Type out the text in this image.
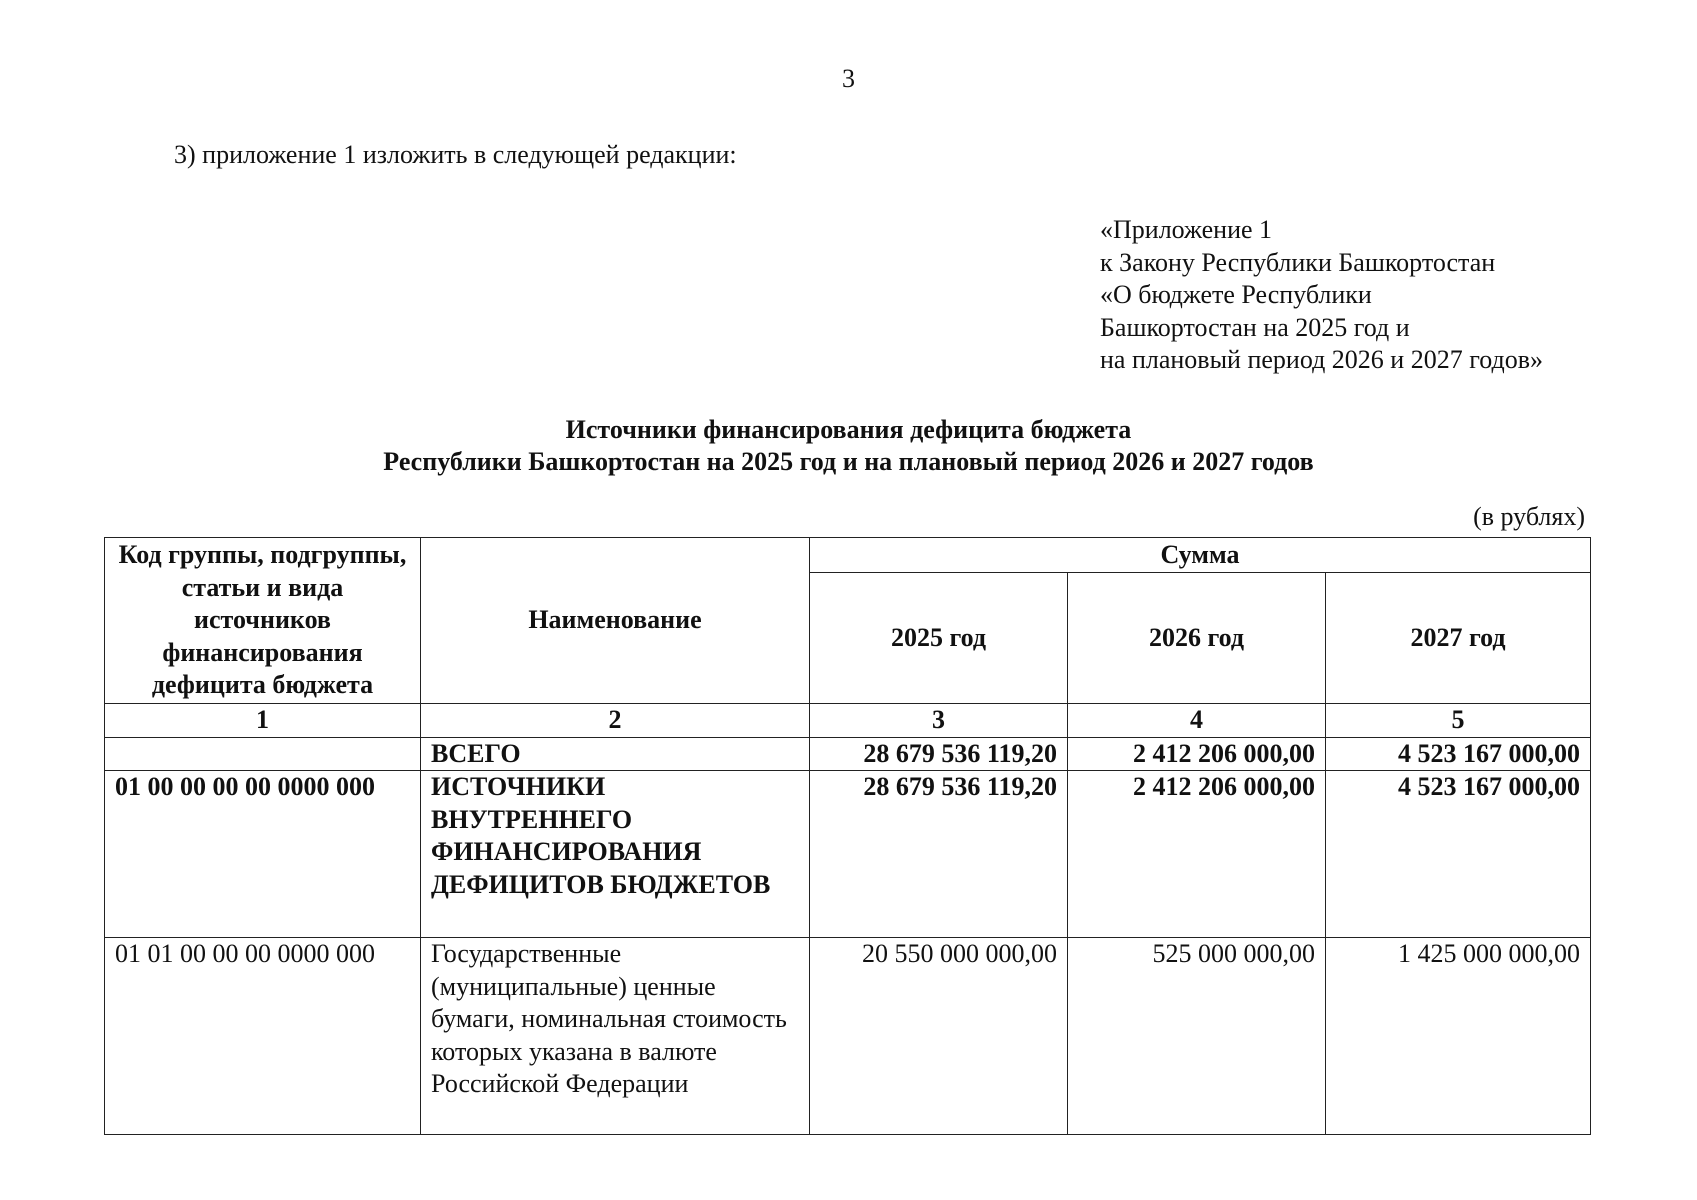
3
3) приложение 1 изложить в следующей редакции:
«Приложение 1
к Закону Республики Башкортостан
«О бюджете Республики
Башкортостан на 2025 год и
на плановый период 2026 и 2027 годов»
Источники финансирования дефицита бюджета
Республики Башкортостан на 2025 год и на плановый период 2026 и 2027 годов
(в рублях)
Код группы, подгруппы, статьи и вида источников финансирования дефицита бюджета	Наименование	Сумма		
		2025 год	2026 год	2027 год
1	2	3	4	5
	ВСЕГО	28 679 536 119,20	2 412 206 000,00	4 523 167 000,00
01 00 00 00 00 0000 000	ИСТОЧНИКИ ВНУТРЕННЕГО ФИНАНСИРОВАНИЯ ДЕФИЦИТОВ БЮДЖЕТОВ	28 679 536 119,20	2 412 206 000,00	4 523 167 000,00
01 01 00 00 00 0000 000	Государственные (муниципальные) ценные бумаги, номинальная стоимость которых указана в валюте Российской Федерации	20 550 000 000,00	525 000 000,00	1 425 000 000,00
